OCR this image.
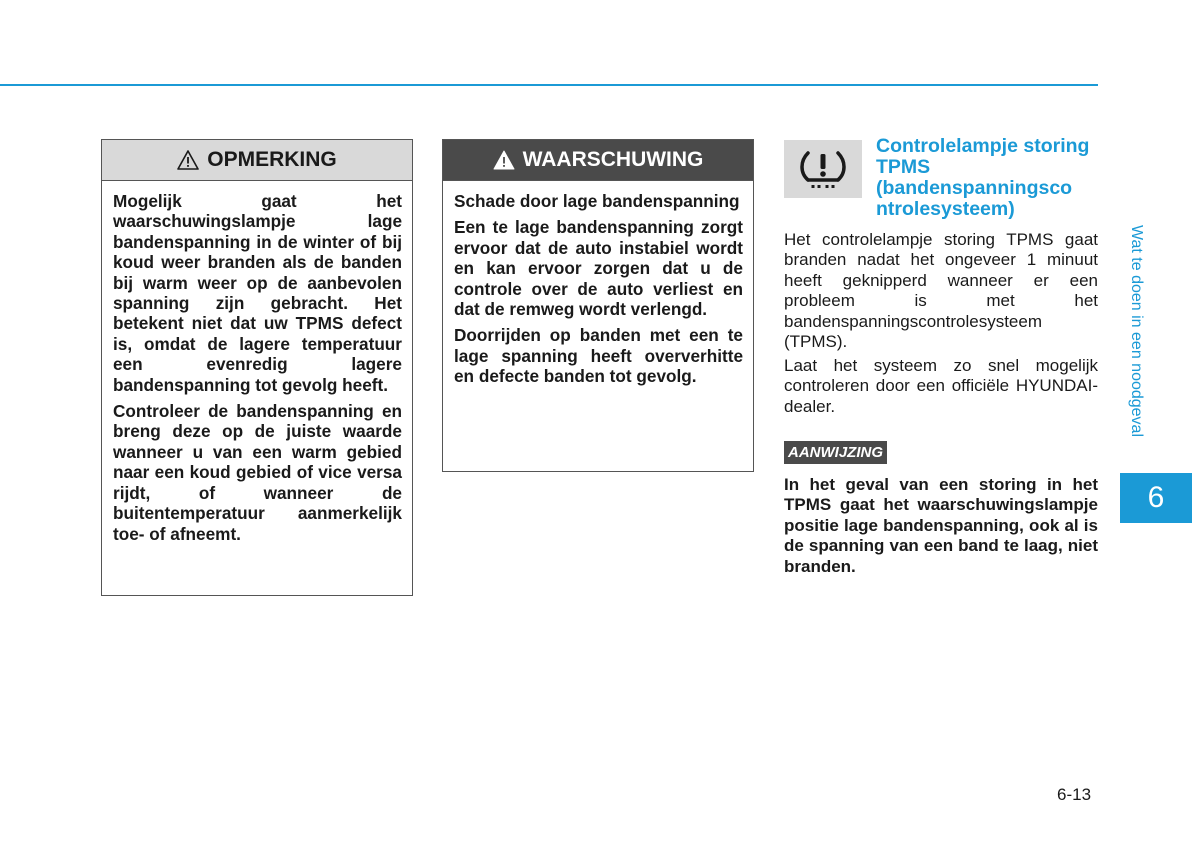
OPMERKING

Mogelijk gaat het waarschuwingslampje lage bandenspanning in de winter of bij koud weer branden als de banden bij warm weer op de aanbevolen spanning zijn gebracht. Het betekent niet dat uw TPMS defect is, omdat de lagere temperatuur een evenredig lagere bandenspanning tot gevolg heeft.

Controleer de bandenspanning en breng deze op de juiste waarde wanneer u van een warm gebied naar een koud gebied of vice versa rijdt, of wanneer de buitentemperatuur aanmerkelijk toe- of afneemt.

WAARSCHUWING

Schade door lage bandenspanning

Een te lage bandenspanning zorgt ervoor dat de auto instabiel wordt en kan ervoor zorgen dat u de controle over de auto verliest en dat de remweg wordt verlengd.

Doorrijden op banden met een te lage spanning heeft oververhitte en defecte banden tot gevolg.

Controlelampje storing TPMS (bandenspanningsco ntrolesysteem)

Het controlelampje storing TPMS gaat branden nadat het ongeveer 1 minuut heeft geknipperd wanneer er een probleem is met het bandenspanningscontrolesysteem (TPMS).

Laat het systeem zo snel mogelijk controleren door een officiële HYUNDAI-dealer.

AANWIJZING

In het geval van een storing in het TPMS gaat het waarschuwingslampje positie lage bandenspanning, ook al is de spanning van een band te laag, niet branden.

Wat te doen in een noodgeval
6
6-13
